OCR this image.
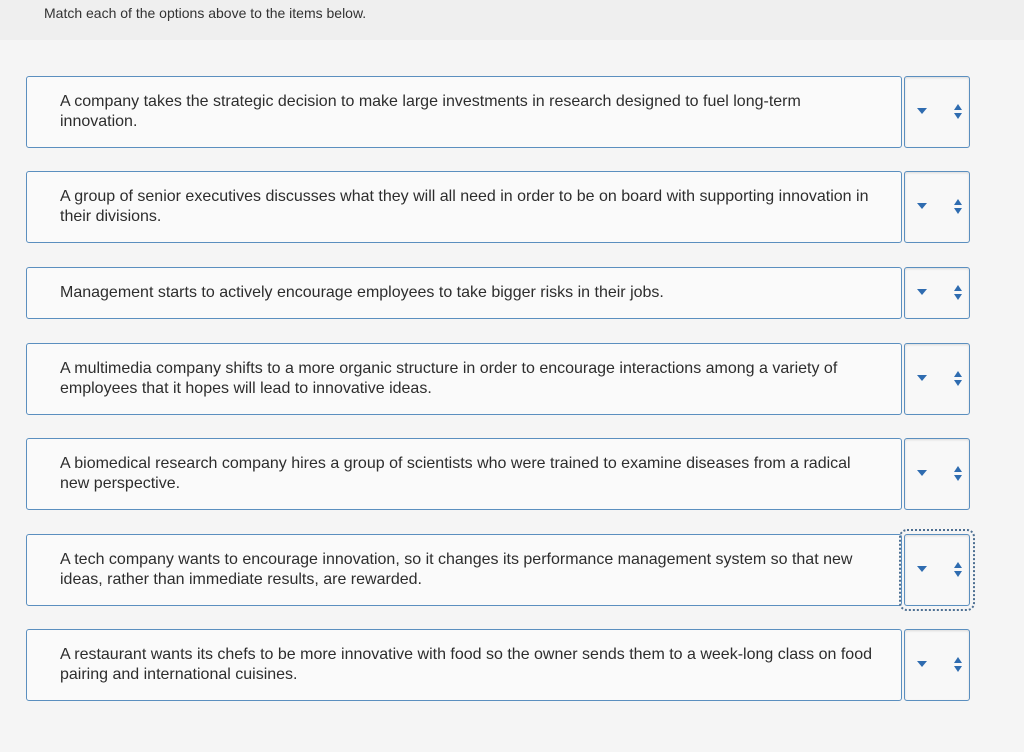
Match each of the options above to the items below.
A company takes the strategic decision to make large investments in research designed to fuel long-term innovation.
A group of senior executives discusses what they will all need in order to be on board with supporting innovation in their divisions.
Management starts to actively encourage employees to take bigger risks in their jobs.
A multimedia company shifts to a more organic structure in order to encourage interactions among a variety of employees that it hopes will lead to innovative ideas.
A biomedical research company hires a group of scientists who were trained to examine diseases from a radical new perspective.
A tech company wants to encourage innovation, so it changes its performance management system so that new ideas, rather than immediate results, are rewarded.
A restaurant wants its chefs to be more innovative with food so the owner sends them to a week-long class on food pairing and international cuisines.
